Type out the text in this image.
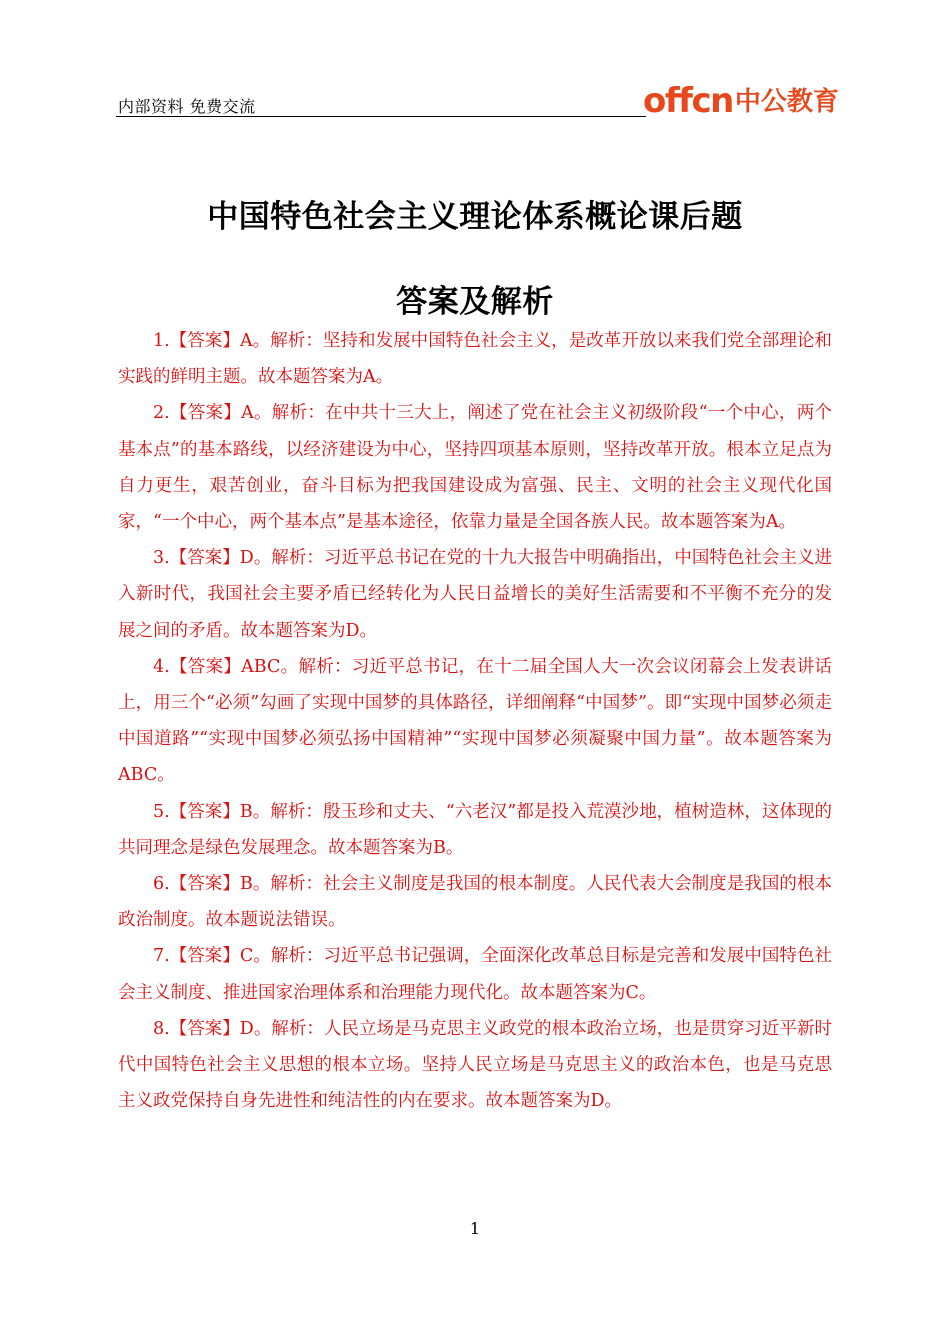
内部资料 免费交流	offcn 中公教育
中国特色社会主义理论体系概论课后题
答案及解析

1.【答案】A。解析：坚持和发展中国特色社会主义，是改革开放以来我们党全部理论和实践的鲜明主题。故本题答案为A。

2.【答案】A。解析：在中共十三大上，阐述了党在社会主义初级阶段“一个中心，两个基本点”的基本路线，以经济建设为中心，坚持四项基本原则，坚持改革开放。根本立足点为自力更生，艰苦创业，奋斗目标为把我国建设成为富强、民主、文明的社会主义现代化国家，“一个中心，两个基本点”是基本途径，依靠力量是全国各族人民。故本题答案为A。

3.【答案】D。解析：习近平总书记在党的十九大报告中明确指出，中国特色社会主义进入新时代，我国社会主要矛盾已经转化为人民日益增长的美好生活需要和不平衡不充分的发展之间的矛盾。故本题答案为D。

4.【答案】ABC。解析：习近平总书记，在十二届全国人大一次会议闭幕会上发表讲话上，用三个“必须”勾画了实现中国梦的具体路径，详细阐释“中国梦”。即“实现中国梦必须走中国道路”“实现中国梦必须弘扬中国精神”“实现中国梦必须凝聚中国力量”。故本题答案为ABC。

5.【答案】B。解析：殷玉珍和丈夫、“六老汉”都是投入荒漠沙地，植树造林，这体现的共同理念是绿色发展理念。故本题答案为B。

6.【答案】B。解析：社会主义制度是我国的根本制度。人民代表大会制度是我国的根本政治制度。故本题说法错误。

7.【答案】C。解析：习近平总书记强调，全面深化改革总目标是完善和发展中国特色社会主义制度、推进国家治理体系和治理能力现代化。故本题答案为C。

8.【答案】D。解析：人民立场是马克思主义政党的根本政治立场，也是贯穿习近平新时代中国特色社会主义思想的根本立场。坚持人民立场是马克思主义的政治本色，也是马克思主义政党保持自身先进性和纯洁性的内在要求。故本题答案为D。

1
